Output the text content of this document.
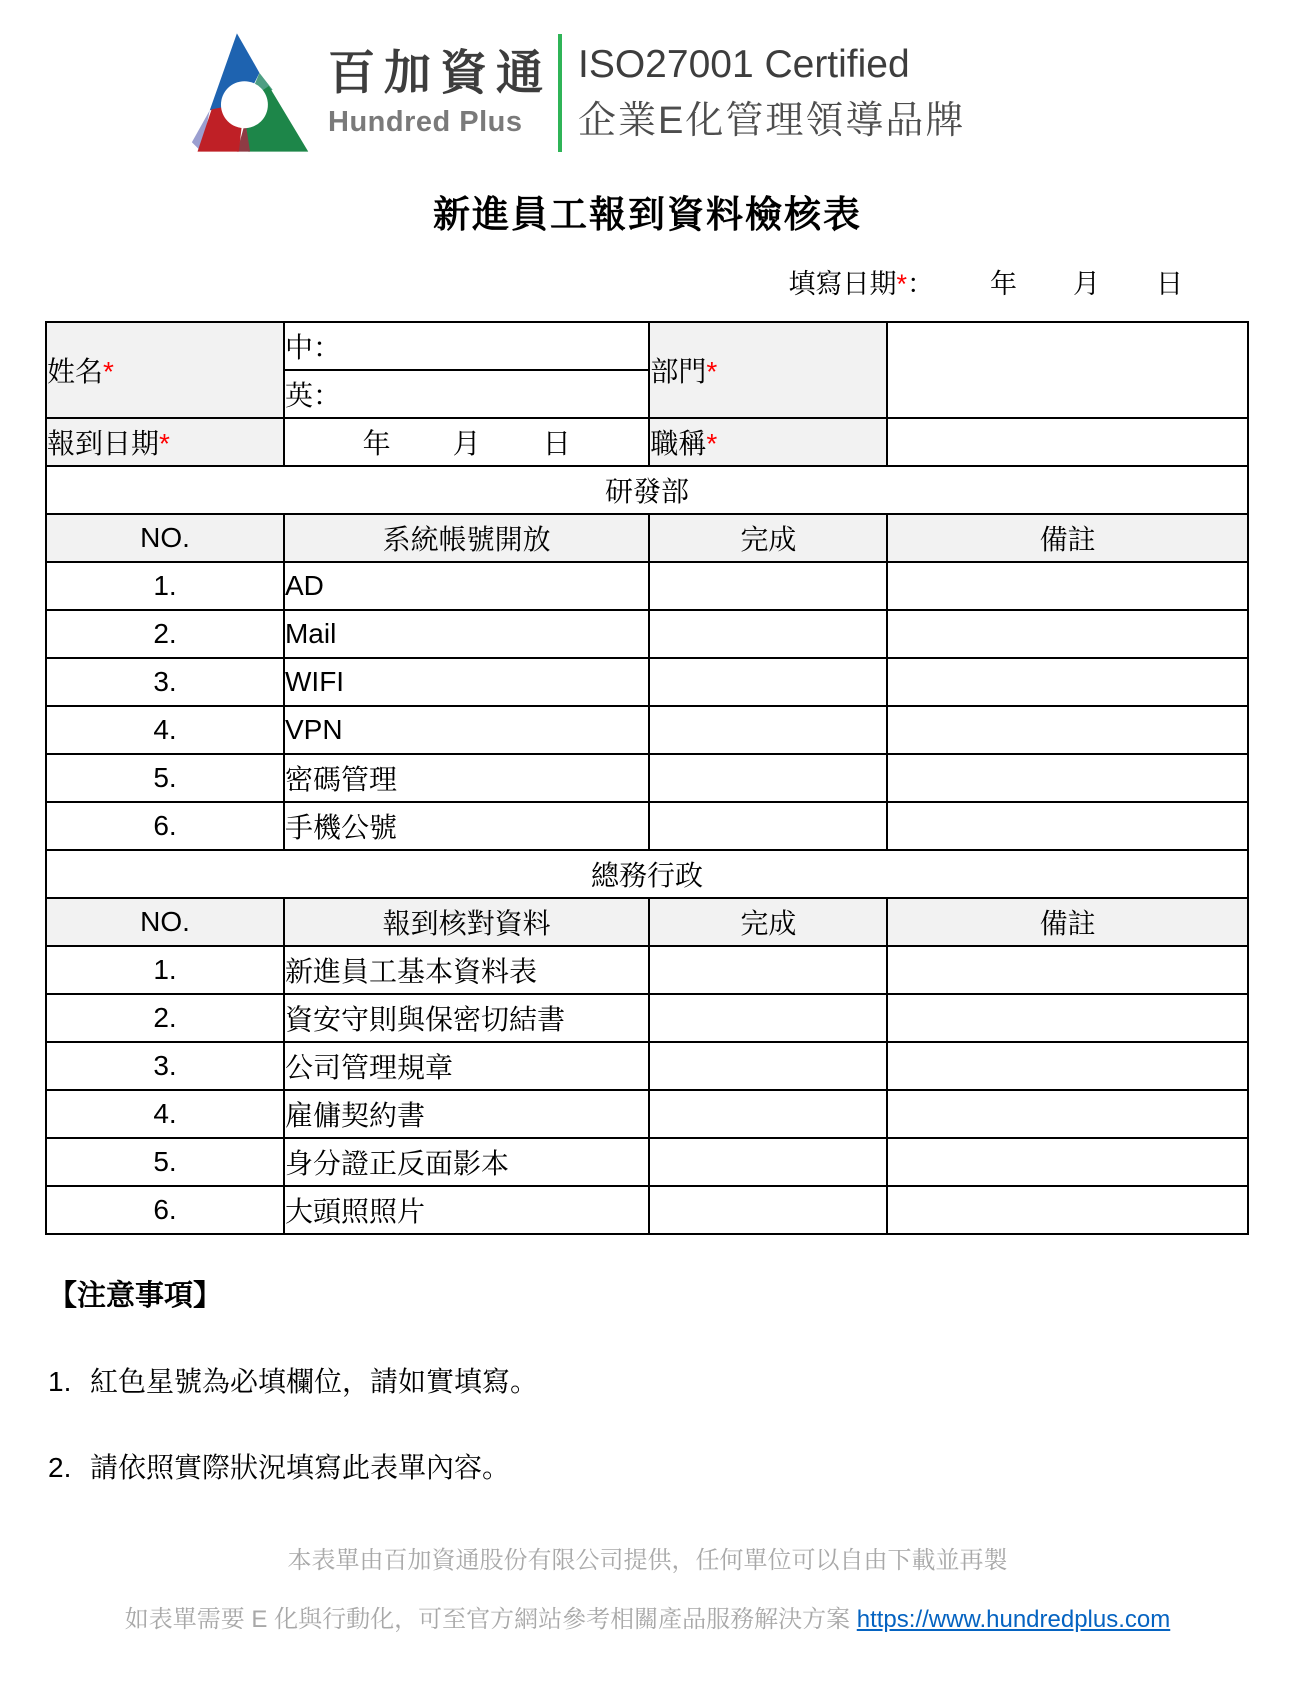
百加資通
Hundred Plus
ISO27001 Certified
企業E化管理領導品牌
新進員工報到資料檢核表
填寫日期*： 年 月 日
姓名*	中：	部門*	
	英：		
報到日期*	年 月 日	職稱*	
研發部			
NO.	系統帳號開放	完成	備註
1.	AD		
2.	Mail		
3.	WIFI		
4.	VPN		
5.	密碼管理		
6.	手機公號		
總務行政			
NO.	報到核對資料	完成	備註
1.	新進員工基本資料表		
2.	資安守則與保密切結書		
3.	公司管理規章		
4.	雇傭契約書		
5.	身分證正反面影本		
6.	大頭照照片		
【注意事項】
1. 紅色星號為必填欄位，請如實填寫。
2. 請依照實際狀況填寫此表單內容。
本表單由百加資通股份有限公司提供，任何單位可以自由下載並再製
如表單需要 E 化與行動化，可至官方網站參考相關產品服務解決方案 https://www.hundredplus.com
